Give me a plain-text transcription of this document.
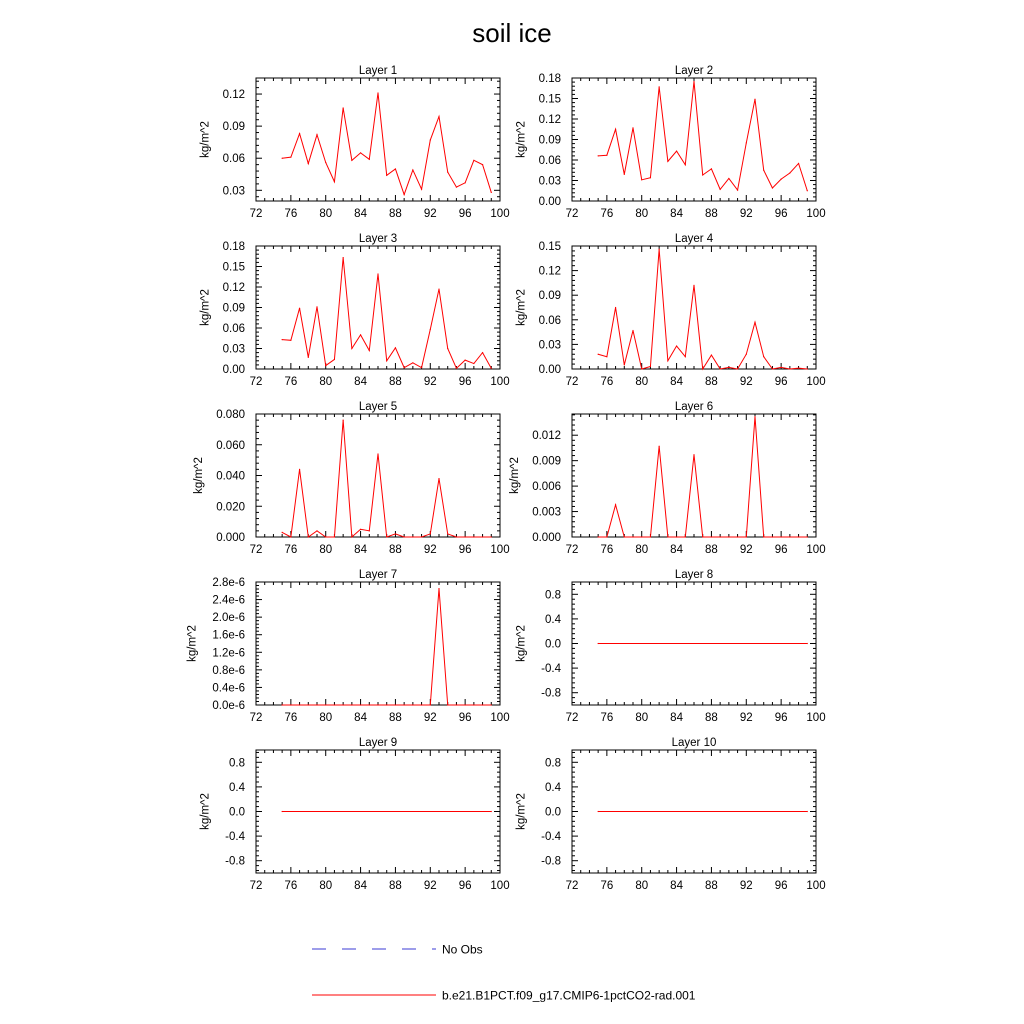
soil ice
Layer 1
72 76 80 84 88 92 96 100
0.03
0.06
0.09
0.12
kg/m^2
Layer 2
72 76 80 84 88 92 96 100
0.00
0.03
0.06
0.09
0.12
0.15
0.18
kg/m^2
Layer 3
72 76 80 84 88 92 96 100
0.00
0.03
0.06
0.09
0.12
0.15
0.18
kg/m^2
Layer 4
72 76 80 84 88 92 96 100
0.00
0.03
0.06
0.09
0.12
0.15
kg/m^2
Layer 5
72 76 80 84 88 92 96 100
0.000
0.020
0.040
0.060
0.080
kg/m^2
Layer 6
72 76 80 84 88 92 96 100
0.000
0.003
0.006
0.009
0.012
kg/m^2
Layer 7
72 76 80 84 88 92 96 100
0.0e-6
0.4e-6
0.8e-6
1.2e-6
1.6e-6
2.0e-6
2.4e-6
2.8e-6
kg/m^2
Layer 8
72 76 80 84 88 92 96 100
-0.8
-0.4
0.0
0.4
0.8
kg/m^2
Layer 9
72 76 80 84 88 92 96 100
-0.8
-0.4
0.0
0.4
0.8
kg/m^2
Layer 10
72 76 80 84 88 92 96 100
-0.8
-0.4
0.0
0.4
0.8
kg/m^2
No Obs
b.e21.B1PCT.f09_g17.CMIP6-1pctCO2-rad.001
